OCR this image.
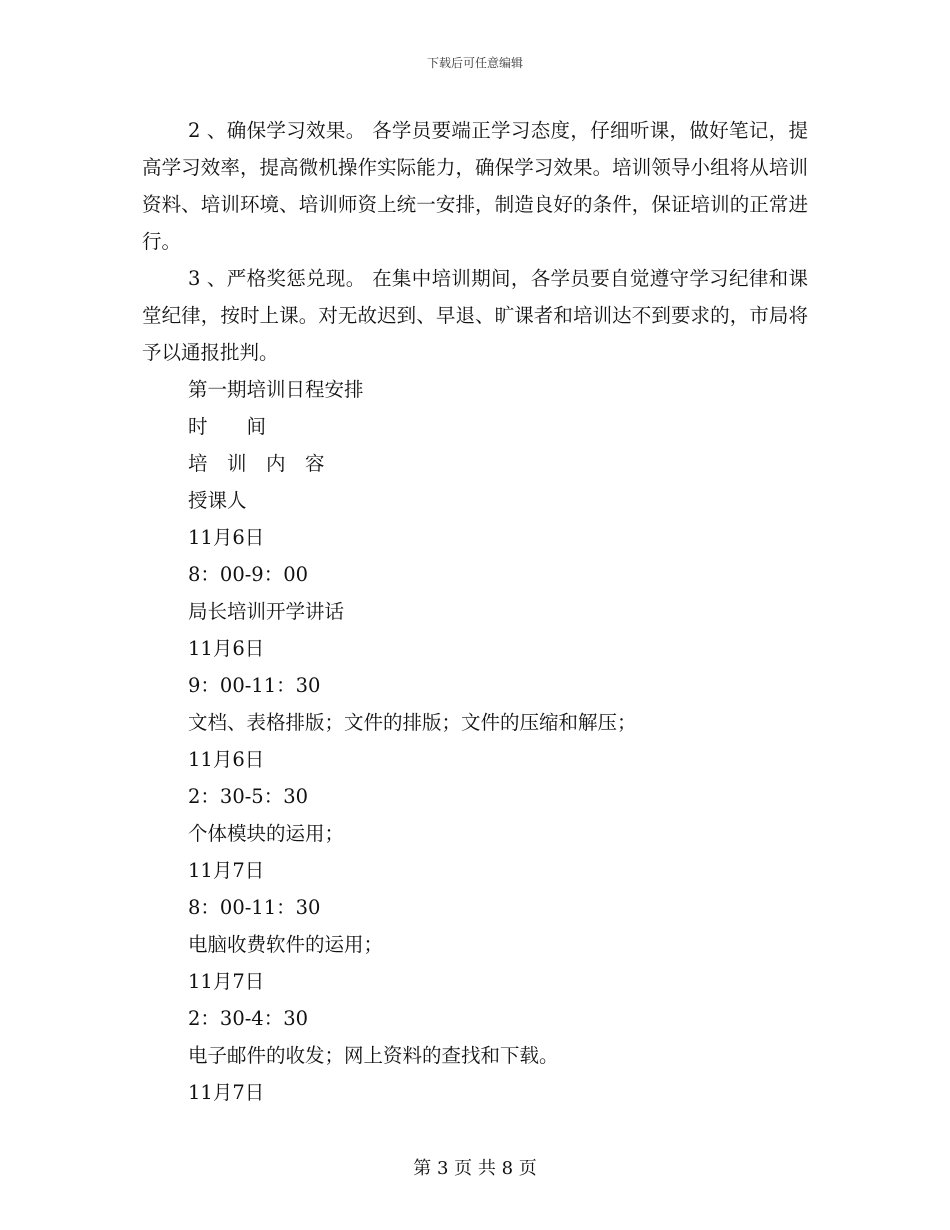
下载后可任意编辑

2 、确保学习效果。 各学员要端正学习态度，仔细听课，做好笔记，提高学习效率，提高微机操作实际能力，确保学习效果。培训领导小组将从培训资料、培训环境、培训师资上统一安排，制造良好的条件，保证培训的正常进行。

3 、严格奖惩兑现。 在集中培训期间，各学员要自觉遵守学习纪律和课堂纪律，按时上课。对无故迟到、早退、旷课者和培训达不到要求的，市局将予以通报批判。

第一期培训日程安排
时　　间
培　训　内　容
授课人
11月6日
8：00-9：00
局长培训开学讲话
11月6日
9：00-11：30
文档、表格排版；文件的排版；文件的压缩和解压；
11月6日
2：30-5：30
个体模块的运用；
11月7日
8：00-11：30
电脑收费软件的运用；
11月7日
2：30-4：30
电子邮件的收发；网上资料的查找和下载。
11月7日
第 3 页 共 8 页
